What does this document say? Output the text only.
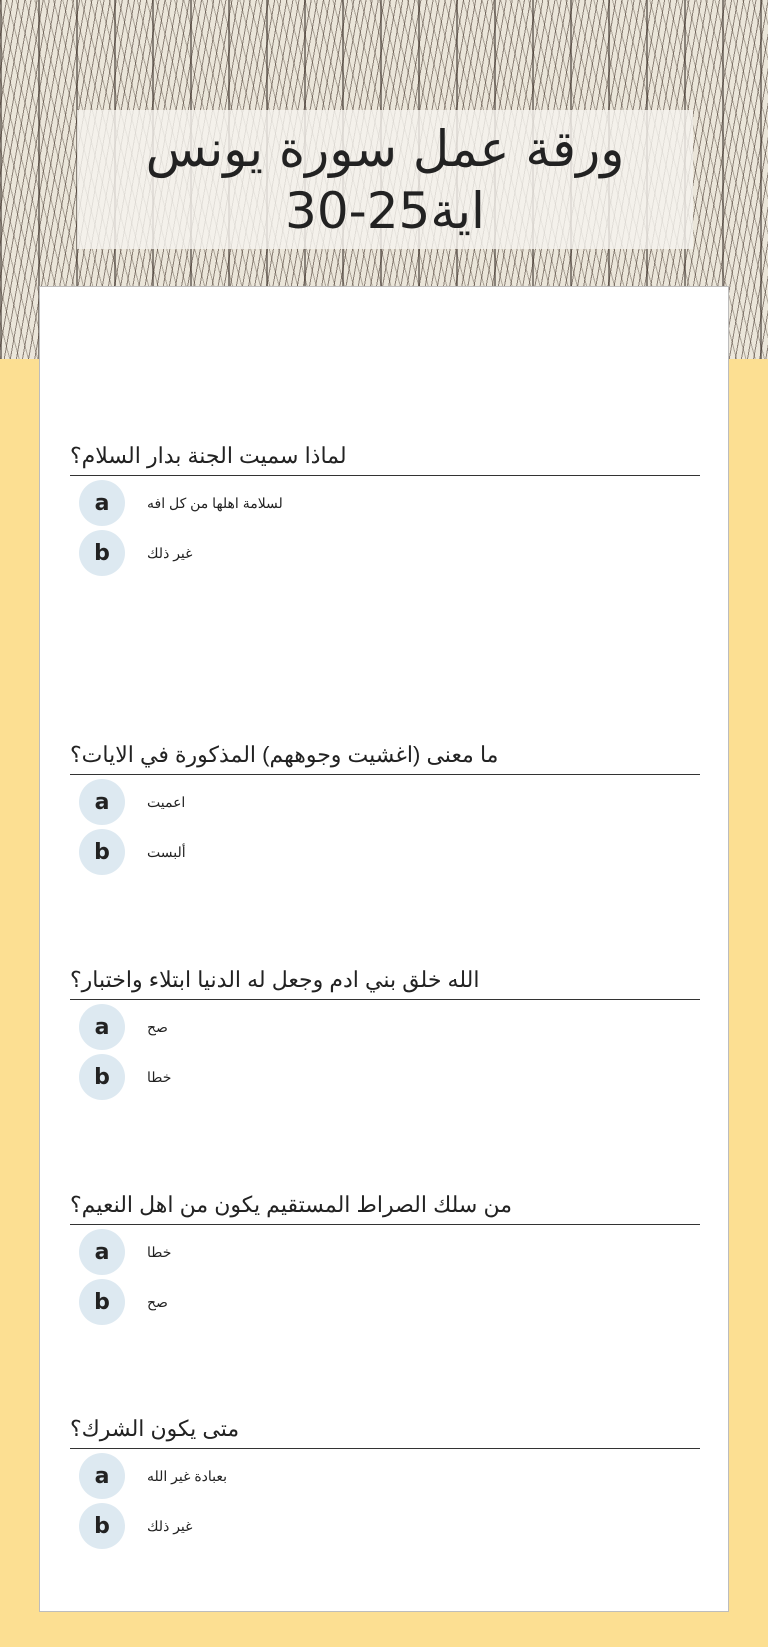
ورقة عمل سورة يونس
اية25-30
لماذا سميت الجنة بدار السلام؟
a	لسلامة اهلها من كل افه
b	غير ذلك
ما معنى (اغشيت وجوههم) المذكورة في الايات؟
a	اعميت
b	ألبست
الله خلق بني ادم وجعل له الدنيا ابتلاء واختبار؟
a	صح
b	خطا
من سلك الصراط المستقيم يكون من اهل النعيم؟
a	خطا
b	صح
متى يكون الشرك؟
a	بعبادة غير الله
b	غير ذلك
